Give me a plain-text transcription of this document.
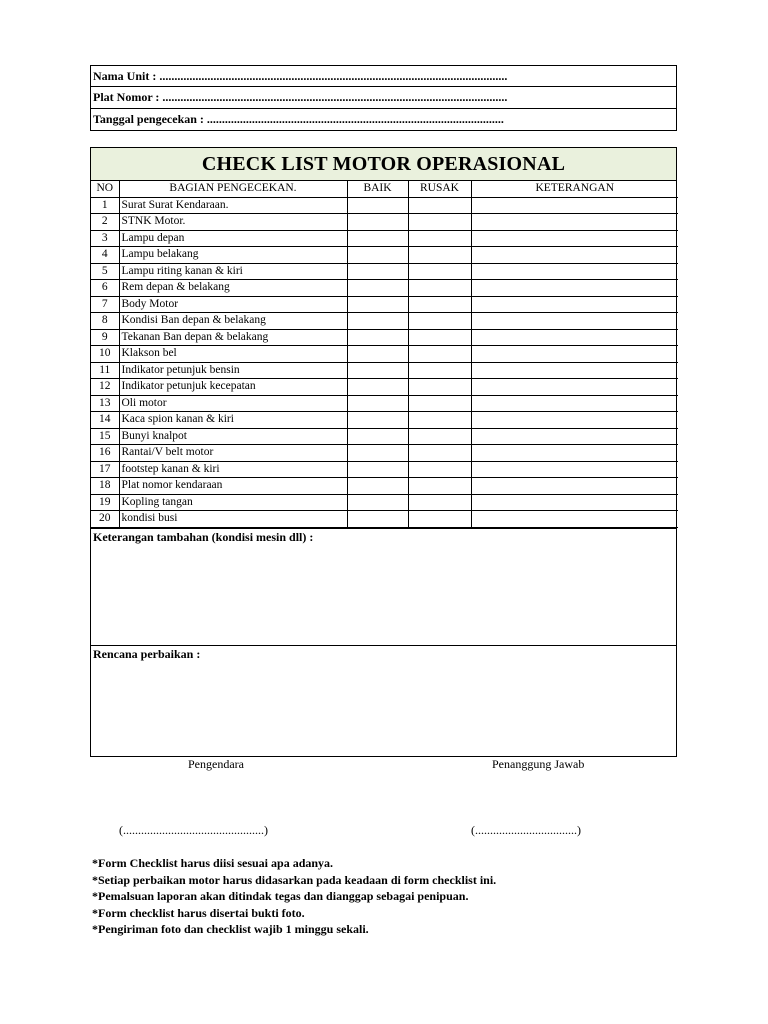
Nama Unit : ....................................................................................................................
Plat Nomor : ...................................................................................................................
Tanggal pengecekan : ...................................................................................................
CHECK LIST MOTOR OPERASIONAL
NO	BAGIAN PENGECEKAN.	BAIK	RUSAK	KETERANGAN
1	Surat Surat Kendaraan.			
2	STNK Motor.			
3	Lampu depan			
4	Lampu belakang			
5	Lampu riting kanan & kiri			
6	Rem depan & belakang			
7	Body Motor			
8	Kondisi Ban depan & belakang			
9	Tekanan Ban depan & belakang			
10	Klakson bel			
11	Indikator petunjuk bensin			
12	Indikator petunjuk kecepatan			
13	Oli motor			
14	Kaca spion kanan & kiri			
15	Bunyi knalpot			
16	Rantai/V belt motor			
17	footstep kanan & kiri			
18	Plat nomor kendaraan			
19	Kopling tangan			
20	kondisi busi			
Keterangan tambahan (kondisi mesin dll) :
Rencana perbaikan :
Pengendara	Penanggung Jawab
(...............................................)	(..................................)
*Form Checklist harus diisi sesuai apa adanya.
*Setiap perbaikan motor harus didasarkan pada keadaan di form checklist ini.
*Pemalsuan laporan akan ditindak tegas dan dianggap sebagai penipuan.
*Form checklist harus disertai bukti foto.
*Pengiriman foto dan checklist wajib 1 minggu sekali.
